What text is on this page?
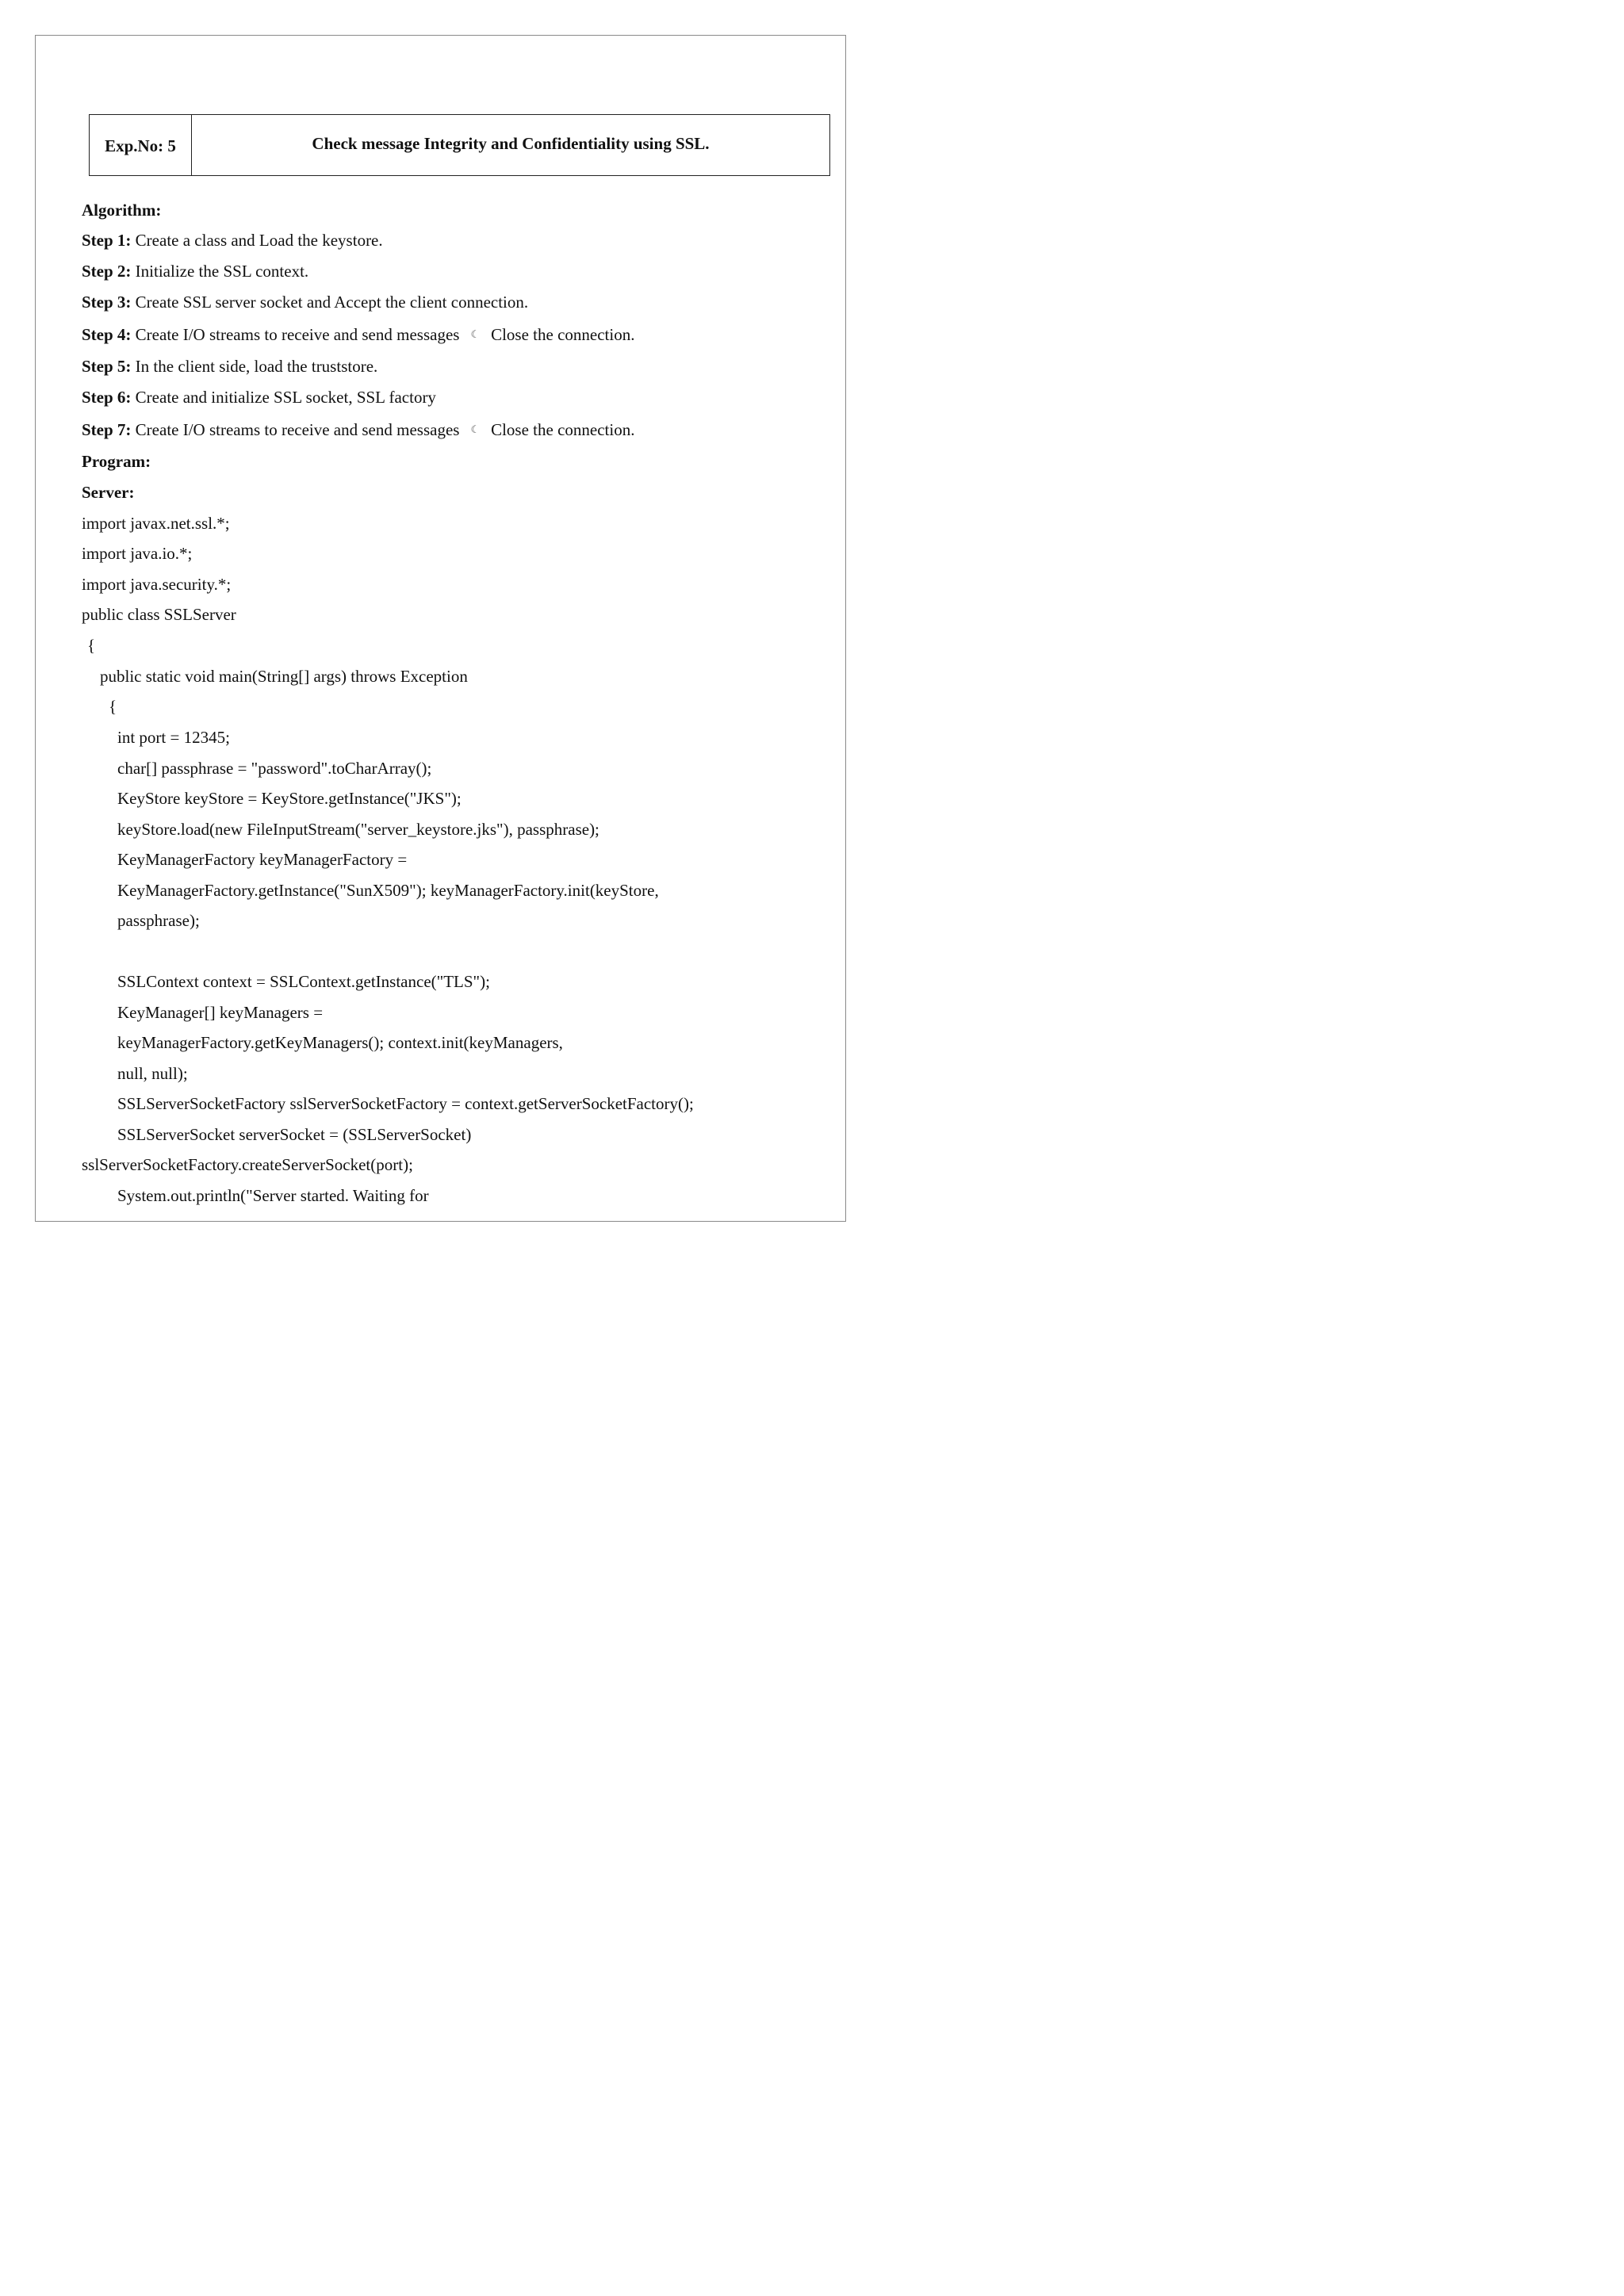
Exp.No: 5	Check message Integrity and Confidentiality using SSL.
Algorithm:
Step 1: Create a class and Load the keystore.
Step 2: Initialize the SSL context.
Step 3: Create SSL server socket and Accept the client connection.
Step 4: Create I/O streams to receive and send messages ☾ Close the connection.
Step 5: In the client side, load the truststore.
Step 6: Create and initialize SSL socket, SSL factory
Step 7: Create I/O streams to receive and send messages ☾ Close the connection.
Program:
Server:
import javax.net.ssl.*;
import java.io.*;
import java.security.*;
public class SSLServer
{
public static void main(String[] args) throws Exception
{
int port = 12345;
char[] passphrase = "password".toCharArray();
KeyStore keyStore = KeyStore.getInstance("JKS");
keyStore.load(new FileInputStream("server_keystore.jks"), passphrase);
KeyManagerFactory keyManagerFactory =
KeyManagerFactory.getInstance("SunX509"); keyManagerFactory.init(keyStore,
passphrase);
SSLContext context = SSLContext.getInstance("TLS");
KeyManager[] keyManagers =
keyManagerFactory.getKeyManagers(); context.init(keyManagers,
null, null);
SSLServerSocketFactory sslServerSocketFactory = context.getServerSocketFactory();
SSLServerSocket serverSocket = (SSLServerSocket)
sslServerSocketFactory.createServerSocket(port);
System.out.println("Server started. Waiting for
